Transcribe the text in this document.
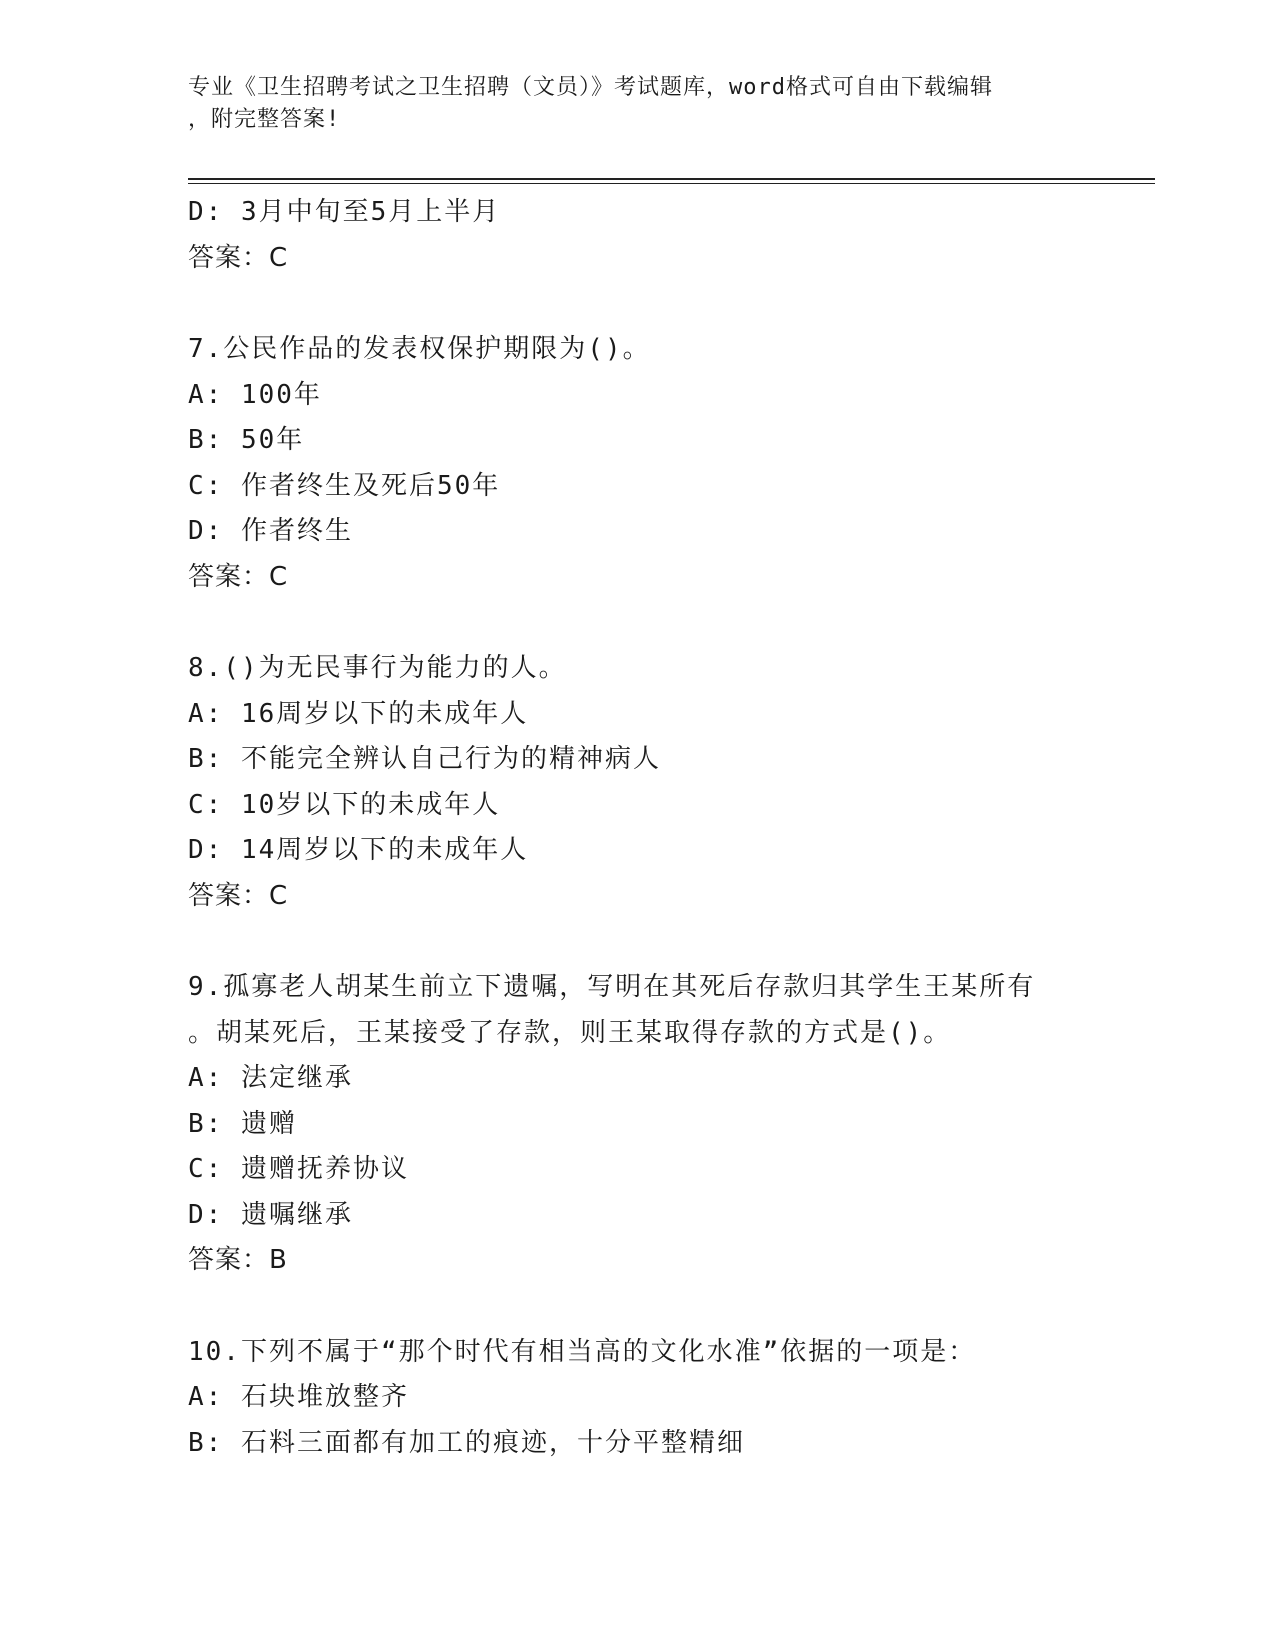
专业《卫生招聘考试之卫生招聘（文员）》考试题库，word格式可自由下载编辑
，附完整答案!
D: 3月中旬至5月上半月
答案：C
7.公民作品的发表权保护期限为()。
A: 100年
B: 50年
C: 作者终生及死后50年
D: 作者终生
答案：C
8.()为无民事行为能力的人。
A: 16周岁以下的未成年人
B: 不能完全辨认自己行为的精神病人
C: 10岁以下的未成年人
D: 14周岁以下的未成年人
答案：C
9.孤寡老人胡某生前立下遗嘱，写明在其死后存款归其学生王某所有
。胡某死后，王某接受了存款，则王某取得存款的方式是()。
A: 法定继承
B: 遗赠
C: 遗赠抚养协议
D: 遗嘱继承
答案：B
10.下列不属于“那个时代有相当高的文化水准”依据的一项是：
A: 石块堆放整齐
B: 石料三面都有加工的痕迹，十分平整精细
